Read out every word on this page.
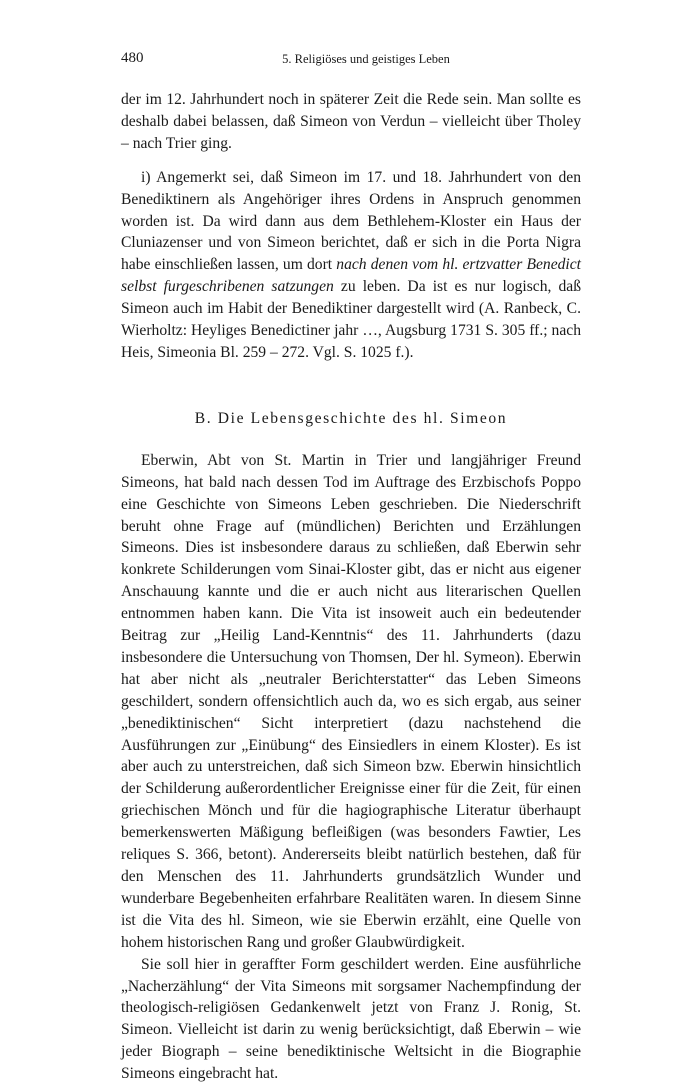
480	5. Religiöses und geistiges Leben

der im 12. Jahrhundert noch in späterer Zeit die Rede sein. Man sollte es deshalb dabei belassen, daß Simeon von Verdun – vielleicht über Tholey – nach Trier ging.

i) Angemerkt sei, daß Simeon im 17. und 18. Jahrhundert von den Benediktinern als Angehöriger ihres Ordens in Anspruch genommen worden ist. Da wird dann aus dem Bethlehem-Kloster ein Haus der Cluniazenser und von Simeon berichtet, daß er sich in die Porta Nigra habe einschließen lassen, um dort nach denen vom hl. ertzvatter Benedict selbst furgeschribenen satzungen zu leben. Da ist es nur logisch, daß Simeon auch im Habit der Benediktiner dargestellt wird (A. Ranbeck, C. Wierholtz: Heyliges Benedictiner jahr …, Augsburg 1731 S. 305 ff.; nach Heis, Simeonia Bl. 259 – 272. Vgl. S. 1025 f.).

B. Die Lebensgeschichte des hl. Simeon

Eberwin, Abt von St. Martin in Trier und langjähriger Freund Simeons, hat bald nach dessen Tod im Auftrage des Erzbischofs Poppo eine Geschichte von Simeons Leben geschrieben. Die Niederschrift beruht ohne Frage auf (mündlichen) Berichten und Erzählungen Simeons. Dies ist insbesondere daraus zu schließen, daß Eberwin sehr konkrete Schilderungen vom Sinai-Kloster gibt, das er nicht aus eigener Anschauung kannte und die er auch nicht aus literarischen Quellen entnommen haben kann. Die Vita ist insoweit auch ein bedeutender Beitrag zur „Heilig Land-Kenntnis“ des 11. Jahrhunderts (dazu insbesondere die Untersuchung von Thomsen, Der hl. Symeon). Eberwin hat aber nicht als „neutraler Berichterstatter“ das Leben Simeons geschildert, sondern offensichtlich auch da, wo es sich ergab, aus seiner „benediktinischen“ Sicht interpretiert (dazu nachstehend die Ausführungen zur „Einübung“ des Einsiedlers in einem Kloster). Es ist aber auch zu unterstreichen, daß sich Simeon bzw. Eberwin hinsichtlich der Schilderung außerordentlicher Ereignisse einer für die Zeit, für einen griechischen Mönch und für die hagiographische Literatur überhaupt bemerkenswerten Mäßigung befleißigen (was besonders Fawtier, Les reliques S. 366, betont). Andererseits bleibt natürlich bestehen, daß für den Menschen des 11. Jahrhunderts grundsätzlich Wunder und wunderbare Begebenheiten erfahrbare Realitäten waren. In diesem Sinne ist die Vita des hl. Simeon, wie sie Eberwin erzählt, eine Quelle von hohem historischen Rang und großer Glaubwürdigkeit.

Sie soll hier in geraffter Form geschildert werden. Eine ausführliche „Nacherzählung“ der Vita Simeons mit sorgsamer Nachempfindung der theologisch-religiösen Gedankenwelt jetzt von Franz J. Ronig, St. Simeon. Vielleicht ist darin zu wenig berücksichtigt, daß Eberwin – wie jeder Biograph – seine benediktinische Weltsicht in die Biographie Simeons eingebracht hat.
